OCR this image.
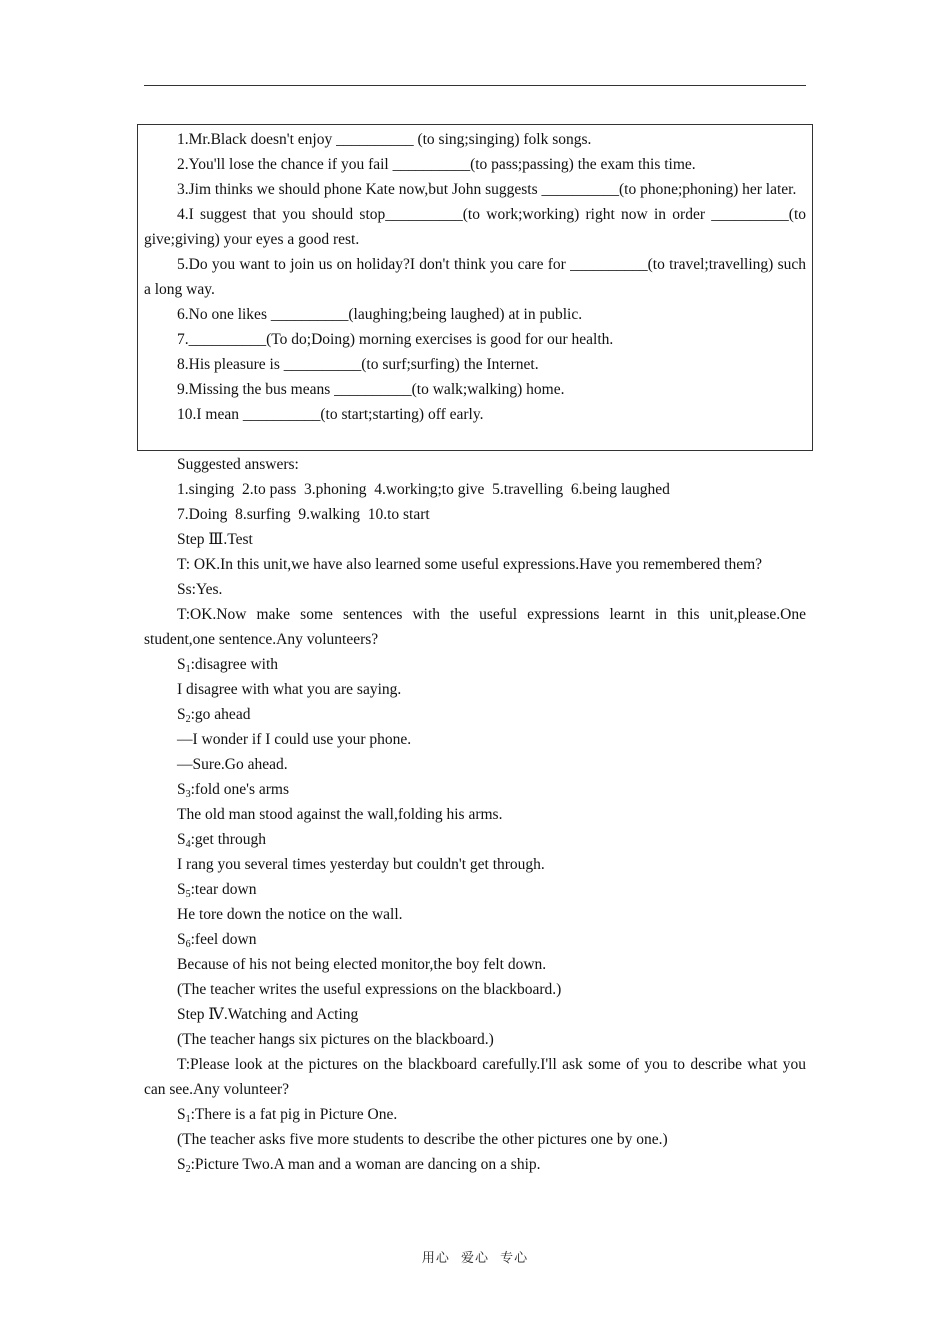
1.Mr.Black doesn't enjoy __________ (to sing;singing) folk songs.

2.You'll lose the chance if you fail __________(to pass;passing) the exam this time.

3.Jim thinks we should phone Kate now,but John suggests __________(to phone;phoning) her later.

4.I suggest that you should stop__________(to work;working) right now in order __________(to give;giving) your eyes a good rest.

5.Do you want to join us on holiday?I don't think you care for __________(to travel;travelling) such a long way.

6.No one likes __________(laughing;being laughed) at in public.

7.__________(To do;Doing) morning exercises is good for our health.

8.His pleasure is __________(to surf;surfing) the Internet.

9.Missing the bus means __________(to walk;walking) home.

10.I mean __________(to start;starting) off early.

Suggested answers:

1.singing  2.to pass  3.phoning  4.working;to give  5.travelling  6.being laughed

7.Doing  8.surfing  9.walking  10.to start

Step Ⅲ.Test

T: OK.In this unit,we have also learned some useful expressions.Have you remembered them?

Ss:Yes.

T:OK.Now make some sentences with the useful expressions learnt in this unit,please.One student,one sentence.Any volunteers?

$S_1:disagree$ with

I disagree with what you are saying.

$S_2:go$ ahead

—I wonder if I could use your phone.

—Sure.Go ahead.

$S_3:fold$ one's arms

The old man stood against the wall,folding his arms.

$S_4:get$ through

I rang you several times yesterday but couldn't get through.

$S_5:tear$ down

He tore down the notice on the wall.

$S_6:feel$ down

Because of his not being elected monitor,the boy felt down.

(The teacher writes the useful expressions on the blackboard.)

Step Ⅳ.Watching and Acting

(The teacher hangs six pictures on the blackboard.)

T:Please look at the pictures on the blackboard carefully.I'll ask some of you to describe what you can see.Any volunteer?

$S_1:There$ is a fat pig in Picture One.

(The teacher asks five more students to describe the other pictures one by one.)

$S_2:Picture$ Two.A man and a woman are dancing on a ship.

用心 爱心 专心
